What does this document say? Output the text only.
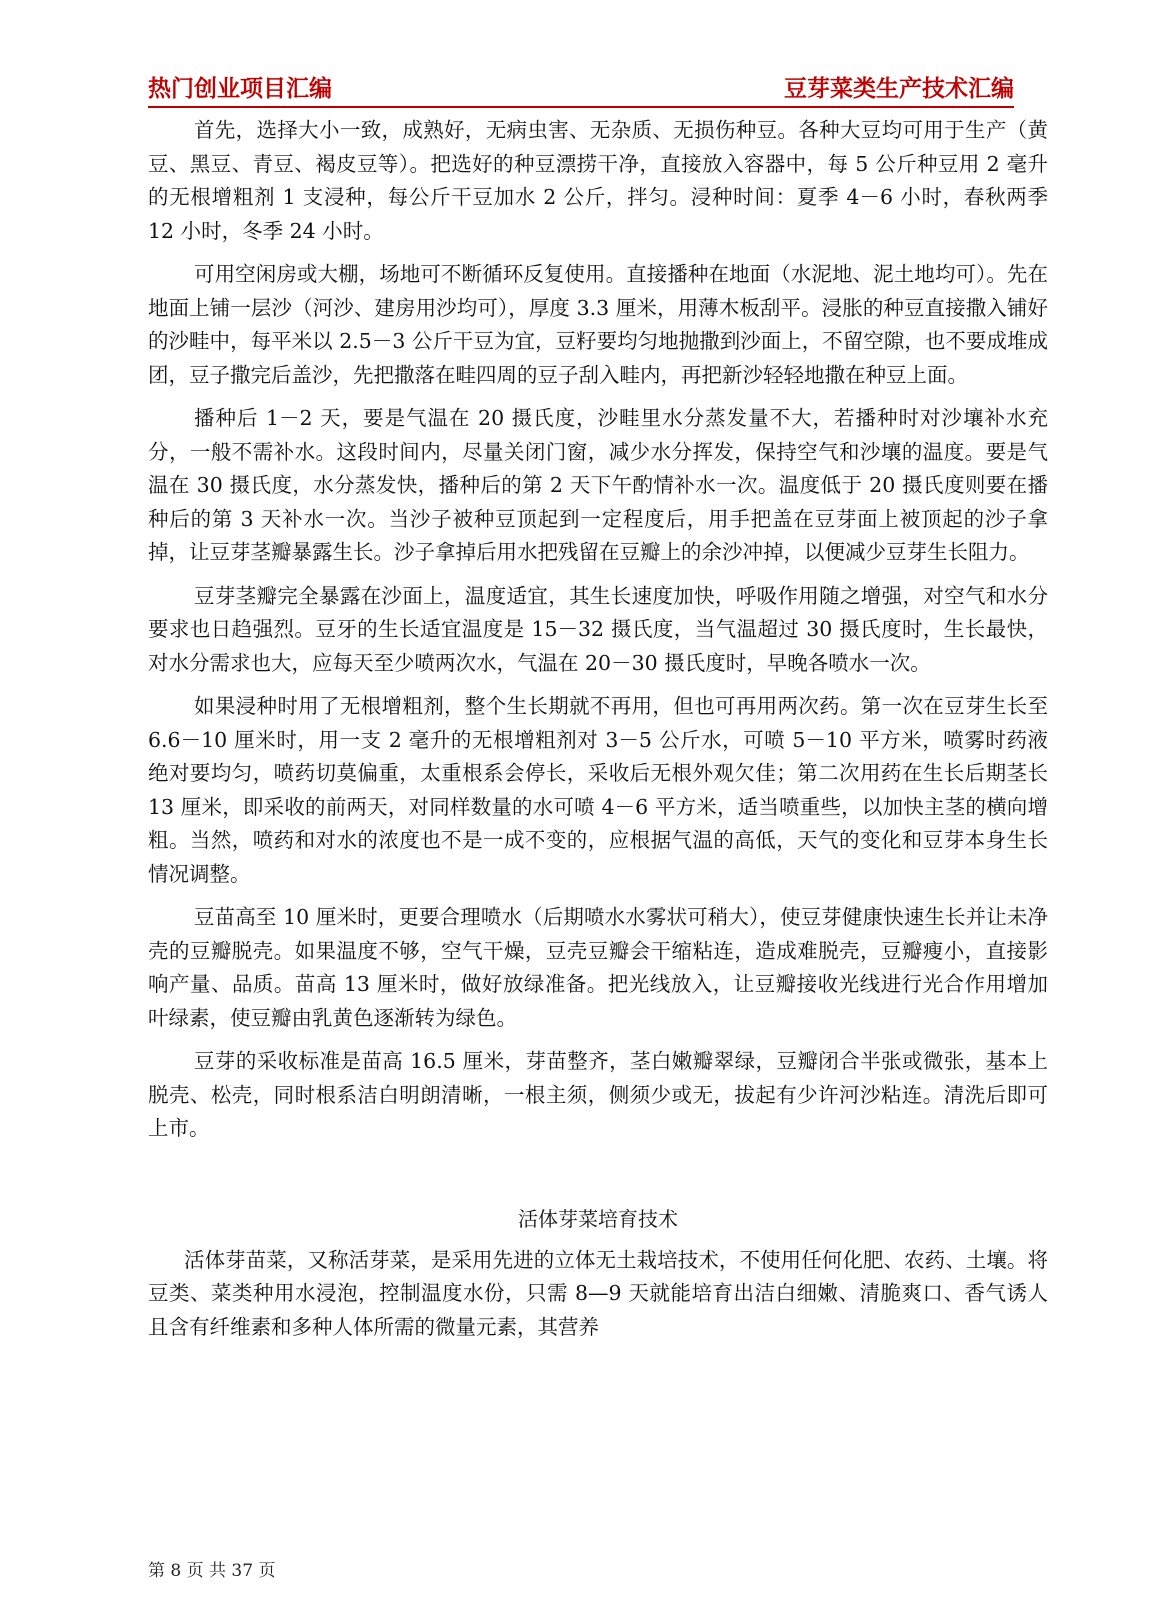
热门创业项目汇编	豆芽菜类生产技术汇编

首先，选择大小一致，成熟好，无病虫害、无杂质、无损伤种豆。各种大豆均可用于生产（黄豆、黑豆、青豆、褐皮豆等）。把选好的种豆漂捞干净，直接放入容器中，每 5 公斤种豆用 2 毫升的无根增粗剂 1 支浸种，每公斤干豆加水 2 公斤，拌匀。浸种时间：夏季 4－6 小时，春秋两季 12 小时，冬季 24 小时。

可用空闲房或大棚，场地可不断循环反复使用。直接播种在地面（水泥地、泥土地均可）。先在地面上铺一层沙（河沙、建房用沙均可），厚度 3.3 厘米，用薄木板刮平。浸胀的种豆直接撒入铺好的沙畦中，每平米以 2.5－3 公斤干豆为宜，豆籽要均匀地抛撒到沙面上，不留空隙，也不要成堆成团，豆子撒完后盖沙，先把撒落在畦四周的豆子刮入畦内，再把新沙轻轻地撒在种豆上面。

播种后 1－2 天，要是气温在 20 摄氏度，沙畦里水分蒸发量不大，若播种时对沙壤补水充分，一般不需补水。这段时间内，尽量关闭门窗，减少水分挥发，保持空气和沙壤的温度。要是气温在 30 摄氏度，水分蒸发快，播种后的第 2 天下午酌情补水一次。温度低于 20 摄氏度则要在播种后的第 3 天补水一次。当沙子被种豆顶起到一定程度后，用手把盖在豆芽面上被顶起的沙子拿掉，让豆芽茎瓣暴露生长。沙子拿掉后用水把残留在豆瓣上的余沙冲掉，以便减少豆芽生长阻力。

豆芽茎瓣完全暴露在沙面上，温度适宜，其生长速度加快，呼吸作用随之增强，对空气和水分要求也日趋强烈。豆牙的生长适宜温度是 15－32 摄氏度，当气温超过 30 摄氏度时，生长最快，对水分需求也大，应每天至少喷两次水，气温在 20－30 摄氏度时，早晚各喷水一次。

如果浸种时用了无根增粗剂，整个生长期就不再用，但也可再用两次药。第一次在豆芽生长至 6.6－10 厘米时，用一支 2 毫升的无根增粗剂对 3－5 公斤水，可喷 5－10 平方米，喷雾时药液绝对要均匀，喷药切莫偏重，太重根系会停长，采收后无根外观欠佳；第二次用药在生长后期茎长 13 厘米，即采收的前两天，对同样数量的水可喷 4－6 平方米，适当喷重些，以加快主茎的横向增粗。当然，喷药和对水的浓度也不是一成不变的，应根据气温的高低，天气的变化和豆芽本身生长情况调整。

豆苗高至 10 厘米时，更要合理喷水（后期喷水水雾状可稍大），使豆芽健康快速生长并让未净壳的豆瓣脱壳。如果温度不够，空气干燥，豆壳豆瓣会干缩粘连，造成难脱壳，豆瓣瘦小，直接影响产量、品质。苗高 13 厘米时，做好放绿准备。把光线放入，让豆瓣接收光线进行光合作用增加叶绿素，使豆瓣由乳黄色逐渐转为绿色。

豆芽的采收标准是苗高 16.5 厘米，芽苗整齐，茎白嫩瓣翠绿，豆瓣闭合半张或微张，基本上脱壳、松壳，同时根系洁白明朗清晰，一根主须，侧须少或无，拔起有少许河沙粘连。清洗后即可上市。

活体芽菜培育技术

活体芽苗菜，又称活芽菜，是采用先进的立体无土栽培技术，不使用任何化肥、农药、土壤。将豆类、菜类种用水浸泡，控制温度水份，只需 8—9 天就能培育出洁白细嫩、清脆爽口、香气诱人且含有纤维素和多种人体所需的微量元素，其营养

第 8 页 共 37 页
